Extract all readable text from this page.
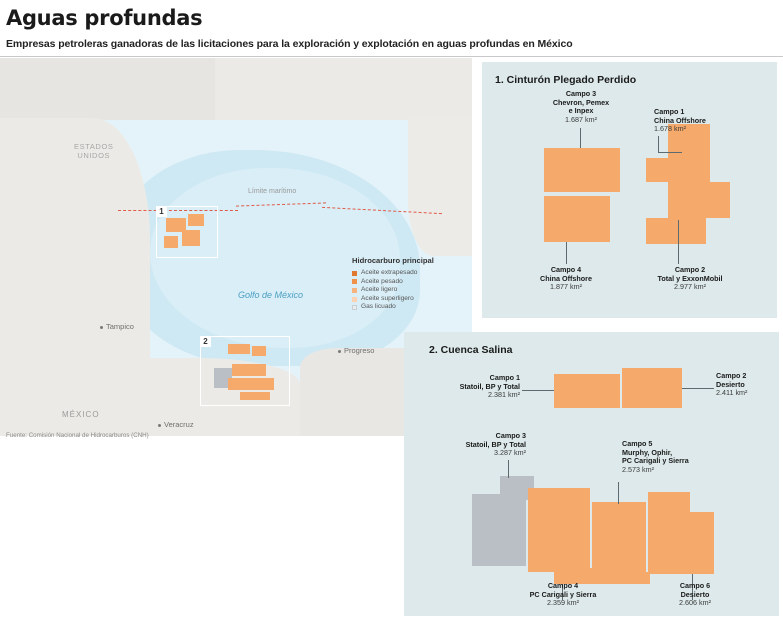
Aguas profundas
Empresas petroleras ganadoras de las licitaciones para la exploración y explotación en aguas profundas en México
ESTADOS
UNIDOS
MÉXICO
Golfo de México
Límite marítimo
Tampico
Veracruz
Progreso
1
2
Hidrocarburo principal
Aceite extrapesado
Aceite pesado
Aceite ligero
Aceite superligero
Gas licuado
Fuente: Comisión Nacional de Hidrocarburos (CNH)
1. Cinturón Plegado Perdido
Campo 3
Chevron, Pemex
e Inpex
1.687 km²
Campo 1
China Offshore
1.678 km²
Campo 4
China Offshore
1.877 km²
Campo 2
Total y ExxonMobil
2.977 km²
2. Cuenca Salina
Campo 1
Statoil, BP y Total
2.381 km²
Campo 2
Desierto
2.411 km²
Campo 3
Statoil, BP y Total
3.287 km²
Campo 5
Murphy, Ophir,
PC Carigali y Sierra
2.573 km²
Campo 4
PC Carigali y Sierra
2.359 km²
Campo 6
Desierto
2.606 km²
